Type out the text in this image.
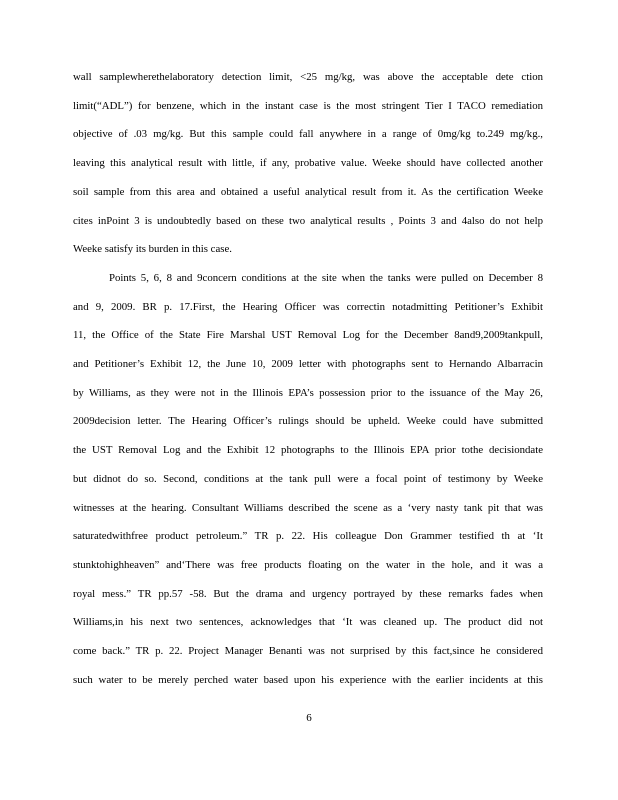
wall samplewherethelaboratory detection limit, <25 mg/kg, was above the acceptable dete ction
limit(“ADL”) for benzene, which in the instant case is the most stringent Tier I TACO remediation
objective of .03 mg/kg. But this sample could fall anywhere in a range of 0mg/kg to.249 mg/kg.,
leaving this analytical result with little, if any, probative value. Weeke should have collected another
soil sample from this area and obtained a useful analytical result from it. As the certification Weeke
cites inPoint 3 is undoubtedly based on these two analytical results , Points 3 and 4also do not help
Weeke satisfy its burden in this case.
Points 5, 6, 8 and 9concern conditions at the site when the tanks were pulled on December 8
and 9, 2009. BR p. 17.First, the Hearing Officer was correctin notadmitting Petitioner’s Exhibit
11, the Office of the State Fire Marshal UST Removal Log for the December 8and9,2009tankpull,
and Petitioner’s Exhibit 12, the June 10, 2009 letter with photographs sent to Hernando Albarracin
by Williams, as they were not in the Illinois EPA’s possession prior to the issuance of the May 26,
2009decision letter. The Hearing Officer’s rulings should be upheld. Weeke could have submitted
the UST Removal Log and the Exhibit 12 photographs to the Illinois EPA prior tothe decisiondate
but didnot do so. Second, conditions at the tank pull were a focal point of testimony by Weeke
witnesses at the hearing. Consultant Williams described the scene as a ‘very nasty tank pit that was
saturatedwithfree product petroleum.” TR p. 22. His colleague Don Grammer testified th at ‘It
stunktohighheaven” and‘There was free products floating on the water in the hole, and it was a
royal mess.” TR pp.57 -58. But the drama and urgency portrayed by these remarks fades when
Williams,in his next two sentences, acknowledges that ‘It was cleaned up. The product did not
come back.” TR p. 22. Project Manager Benanti was not surprised by this fact,since he considered
such water to be merely perched water based upon his experience with the earlier incidents at this
6
